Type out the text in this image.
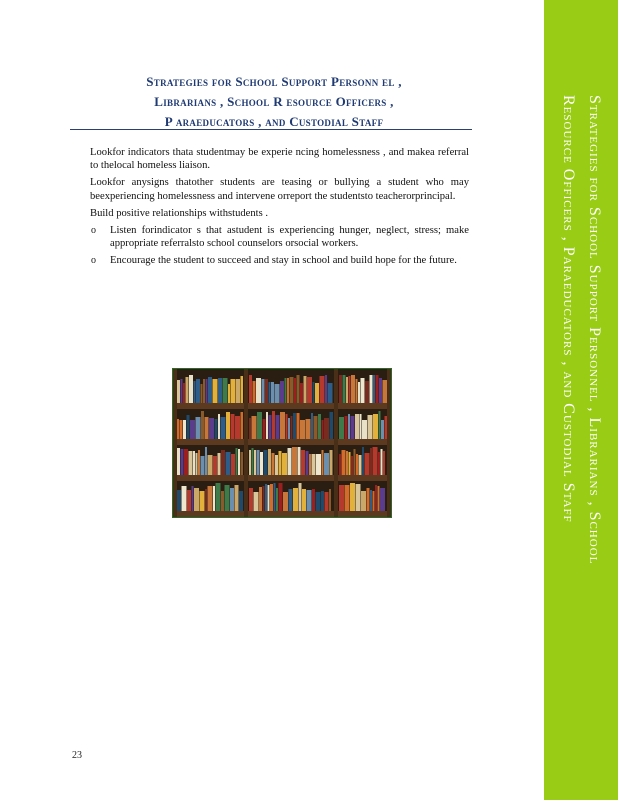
Strategies for School Support Personn el ,
Librarians , School R esource Officers ,
P araeducators , and Custodial Staff
Lookfor indicators thata studentmay be experie ncing homelessness , and makea referral to thelocal homeless liaison.
Lookfor anysigns thatother students are teasing or bullying a student who may beexperiencing homelessness and intervene orreport the studentsto teacherorprincipal.
Build positive relationships withstudents .
o Listen forindicator s that astudent is experiencing hunger, neglect, stress; make appropriate referralsto school counselors orsocial workers.
o Encourage the student to succeed and stay in school and build hope for the future.
23
Strategies for School Support Personnel , Librarians , School
Resource Officers , Paraeducators , and Custodial Staff
